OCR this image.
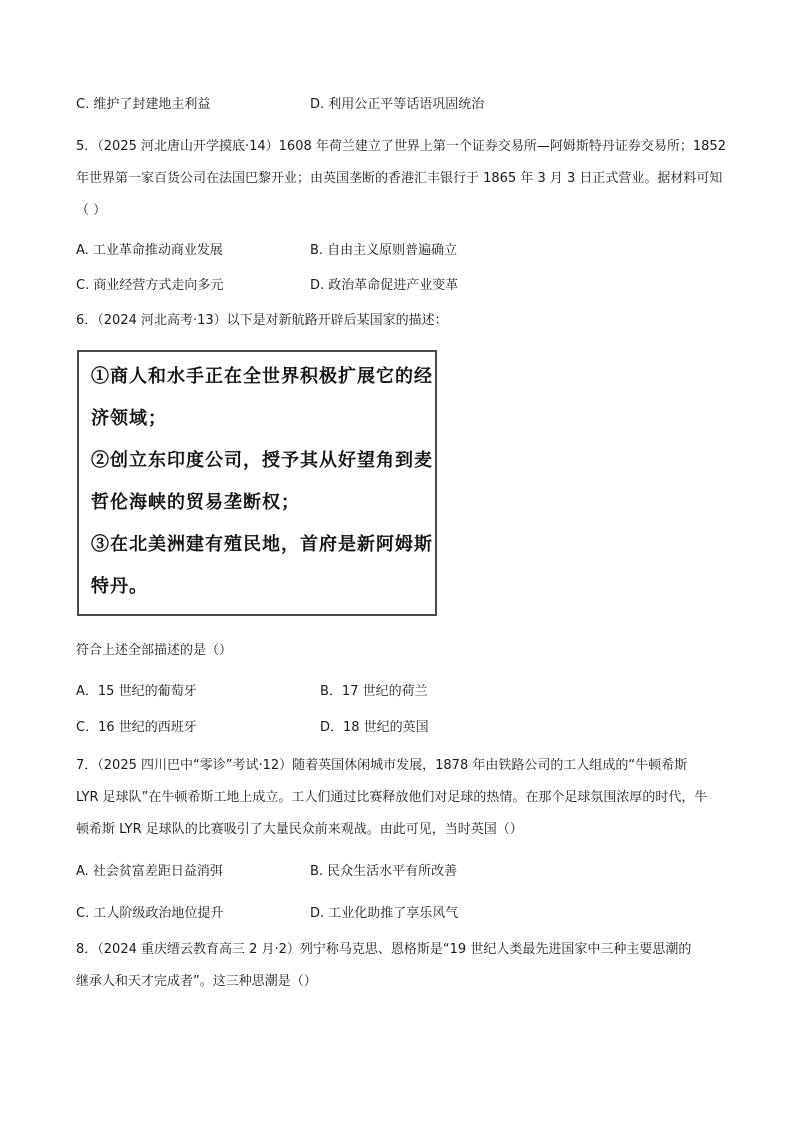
C. 维护了封建地主利益	D. 利用公正平等话语巩固统治
5．（2025 河北唐山开学摸底·14）1608 年荷兰建立了世界上第一个证券交易所—阿姆斯特丹证券交易所；1852
年世界第一家百货公司在法国巴黎开业；由英国垄断的香港汇丰银行于 1865 年 3 月 3 日正式营业。据材料可知
（ ）
A. 工业革命推动商业发展	B. 自由主义原则普遍确立
C. 商业经营方式走向多元	D. 政治革命促进产业变革
6．（2024 河北高考·13）以下是对新航路开辟后某国家的描述：
①商人和水手正在全世界积极扩展它的经
济领域；
②创立东印度公司，授予其从好望角到麦
哲伦海峡的贸易垄断权；
③在北美洲建有殖民地，首府是新阿姆斯
特丹。
符合上述全部描述的是（）
A．15 世纪的葡萄牙	B．17 世纪的荷兰
C．16 世纪的西班牙	D．18 世纪的英国
7．（2025 四川巴中“零诊”考试·12）随着英国休闲城市发展，1878 年由铁路公司的工人组成的“牛顿希斯
LYR 足球队”在牛顿希斯工地上成立。工人们通过比赛释放他们对足球的热情。在那个足球氛围浓厚的时代，牛
顿希斯 LYR 足球队的比赛吸引了大量民众前来观战。由此可见，当时英国（）
A. 社会贫富差距日益消弭	B. 民众生活水平有所改善
C. 工人阶级政治地位提升	D. 工业化助推了享乐风气
8．（2024 重庆缙云教育高三 2 月·2）列宁称马克思、恩格斯是“19 世纪人类最先进国家中三种主要思潮的
继承人和天才完成者”。这三种思潮是（）
